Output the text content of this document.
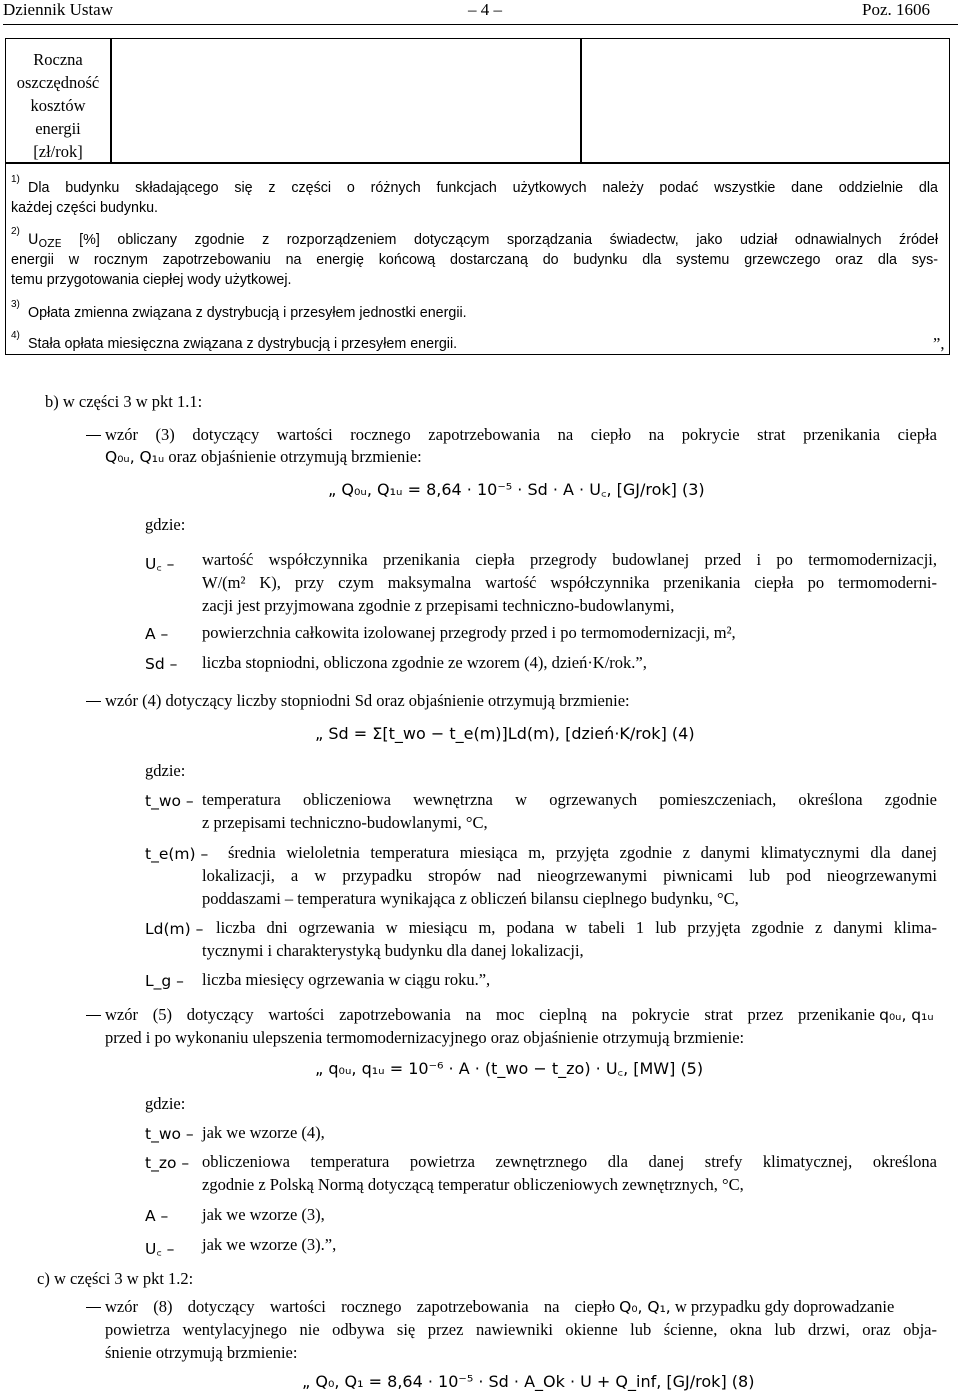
Dziennik Ustaw	– 4 –	Poz. 1606
Roczna
oszczędność
kosztów
energii
[zł/rok]
$^{1)}$
Dla budynku składającego się z części o różnych funkcjach użytkowych należy podać wszystkie dane oddzielnie dla
każdej części budynku.
$^{2)}$
$U_{OZE}$ [%] obliczany zgodnie z rozporządzeniem dotyczącym sporządzania świadectw, jako udział odnawialnych źródeł
energii w rocznym zapotrzebowaniu na energię końcową dostarczaną do budynku dla systemu grzewczego oraz dla sys-
temu przygotowania ciepłej wody użytkowej.
$^{3)}$
Opłata zmienna związana z dystrybucją i przesyłem jednostki energii.
$^{4)}$
Stała opłata miesięczna związana z dystrybucją i przesyłem energii.	”,
b) w części 3 w pkt 1.1:
wzór (3) dotyczący wartości rocznego zapotrzebowania na ciepło na pokrycie strat przenikania ciepła
Q₀ᵤ, Q₁ᵤ oraz objaśnienie otrzymują brzmienie:
„ Q₀ᵤ, Q₁ᵤ = 8,64 · 10⁻⁵ · Sd · A · U꜀, [GJ/rok] (3)
gdzie:
U꜀ – wartość współczynnika przenikania ciepła przegrody budowlanej przed i po termomodernizacji,
W/(m² K), przy czym maksymalna wartość współczynnika przenikania ciepła po termomoderni-
zacji jest przyjmowana zgodnie z przepisami techniczno-budowlanymi,
A – powierzchnia całkowita izolowanej przegrody przed i po termomodernizacji, m²,
Sd – liczba stopniodni, obliczona zgodnie ze wzorem (4), dzień·K/rok.”,
wzór (4) dotyczący liczby stopniodni Sd oraz objaśnienie otrzymują brzmienie:
„ Sd = Σ[t_wo − t_e(m)]Ld(m), [dzień·K/rok] (4)
gdzie:
t_wo – temperatura obliczeniowa wewnętrzna w ogrzewanych pomieszczeniach, określona zgodnie
z przepisami techniczno-budowlanymi, °C,
t_e(m) – średnia wieloletnia temperatura miesiąca m, przyjęta zgodnie z danymi klimatycznymi dla danej
lokalizacji, a w przypadku stropów nad nieogrzewanymi piwnicami lub pod nieogrzewanymi
poddaszami – temperatura wynikająca z obliczeń bilansu cieplnego budynku, °C,
Ld(m) – liczba dni ogrzewania w miesiącu m, podana w tabeli 1 lub przyjęta zgodnie z danymi klima-
tycznymi i charakterystyką budynku dla danej lokalizacji,
L_g – liczba miesięcy ogrzewania w ciągu roku.”,
wzór (5) dotyczący wartości zapotrzebowania na moc cieplną na pokrycie strat przez przenikanie q₀ᵤ, q₁ᵤ
przed i po wykonaniu ulepszenia termomodernizacyjnego oraz objaśnienie otrzymują brzmienie:
„ q₀ᵤ, q₁ᵤ = 10⁻⁶ · A · (t_wo − t_zo) · U꜀, [MW] (5)
gdzie:
t_wo – jak we wzorze (4),
t_zo – obliczeniowa temperatura powietrza zewnętrznego dla danej strefy klimatycznej, określona
zgodnie z Polską Normą dotyczącą temperatur obliczeniowych zewnętrznych, °C,
A – jak we wzorze (3),
U꜀ – jak we wzorze (3).”,
c) w części 3 w pkt 1.2:
wzór (8) dotyczący wartości rocznego zapotrzebowania na ciepło Q₀, Q₁, w przypadku gdy doprowadzanie
powietrza wentylacyjnego nie odbywa się przez nawiewniki okienne lub ścienne, okna lub drzwi, oraz obja-
śnienie otrzymują brzmienie:
„ Q₀, Q₁ = 8,64 · 10⁻⁵ · Sd · A_Ok · U + Q_inf, [GJ/rok] (8)
